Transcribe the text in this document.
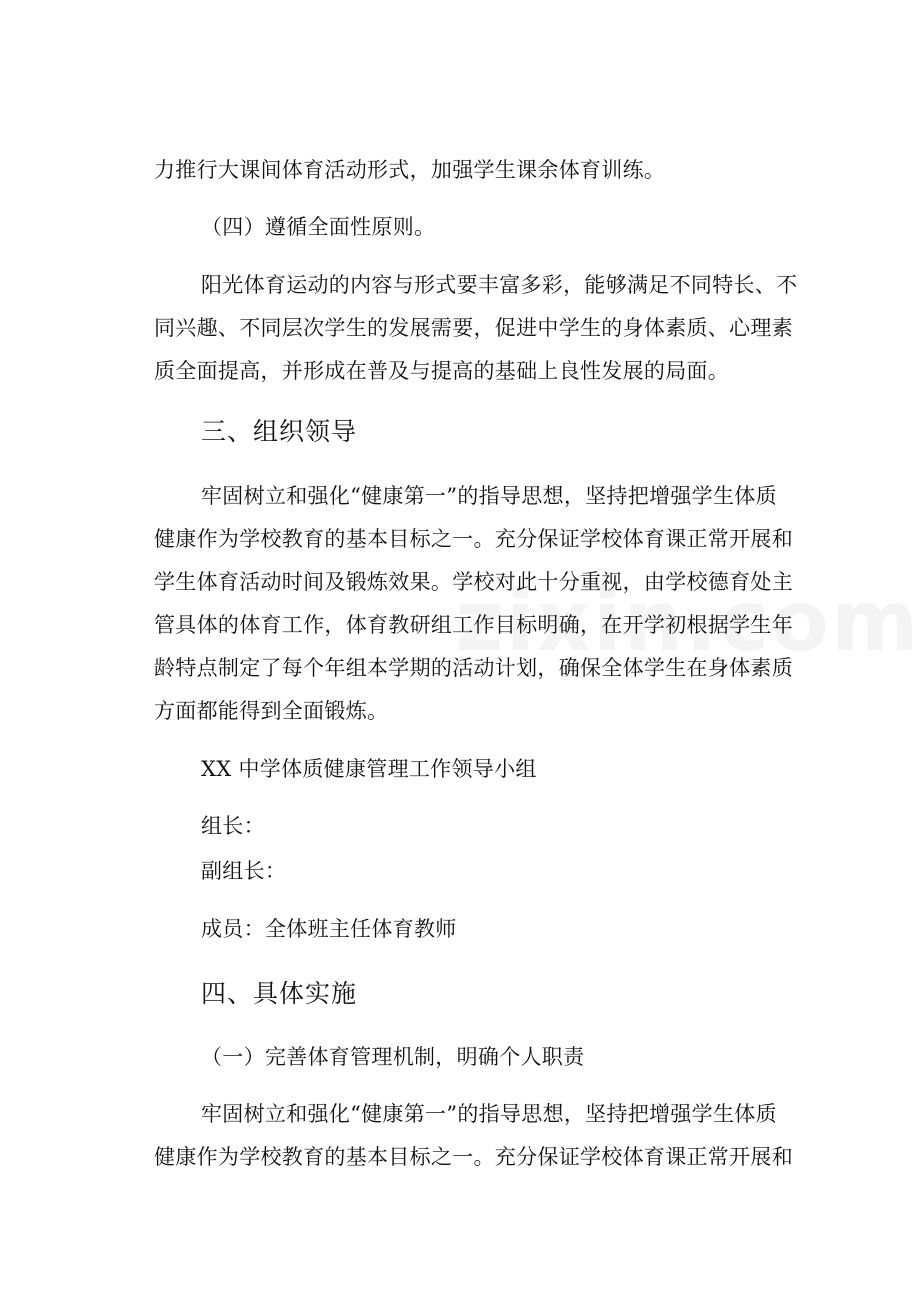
力推行大课间体育活动形式，加强学生课余体育训练。
（四）遵循全面性原则。
阳光体育运动的内容与形式要丰富多彩，能够满足不同特长、不
同兴趣、不同层次学生的发展需要，促进中学生的身体素质、心理素
质全面提高，并形成在普及与提高的基础上良性发展的局面。
三、组织领导
牢固树立和强化“健康第一”的指导思想，坚持把增强学生体质
健康作为学校教育的基本目标之一。充分保证学校体育课正常开展和
学生体育活动时间及锻炼效果。学校对此十分重视，由学校德育处主
管具体的体育工作，体育教研组工作目标明确，在开学初根据学生年
龄特点制定了每个年组本学期的活动计划，确保全体学生在身体素质
方面都能得到全面锻炼。
XX 中学体质健康管理工作领导小组
组长：
副组长：
成员：全体班主任体育教师
四、具体实施
（一）完善体育管理机制，明确个人职责
牢固树立和强化“健康第一”的指导思想，坚持把增强学生体质
健康作为学校教育的基本目标之一。充分保证学校体育课正常开展和
